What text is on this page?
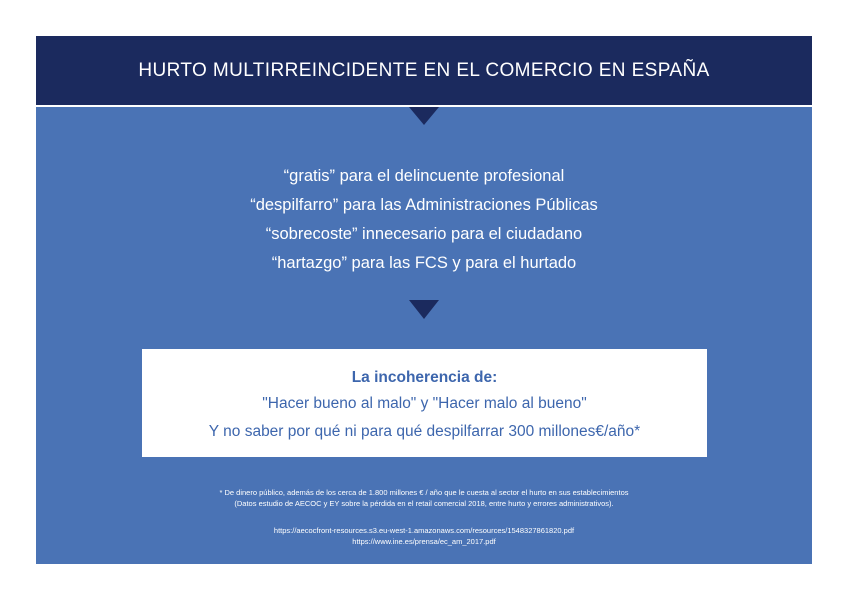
HURTO MULTIRREINCIDENTE EN EL COMERCIO EN ESPAÑA
“gratis” para el delincuente profesional
“despilfarro” para las Administraciones Públicas
“sobrecoste” innecesario para el ciudadano
“hartazgo” para las FCS y para el hurtado
La incoherencia de:
"Hacer bueno al malo" y "Hacer malo al bueno"
Y no saber por qué ni para qué despilfarrar 300 millones€/año*
* De dinero público, además de los cerca de 1.800 millones € / año que le cuesta al sector el hurto en sus establecimientos
(Datos estudio de AECOC y EY sobre la pérdida en el retail comercial 2018, entre hurto y errores administrativos).
https://aecocfront-resources.s3.eu-west-1.amazonaws.com/resources/1548327861820.pdf
https://www.ine.es/prensa/ec_am_2017.pdf
